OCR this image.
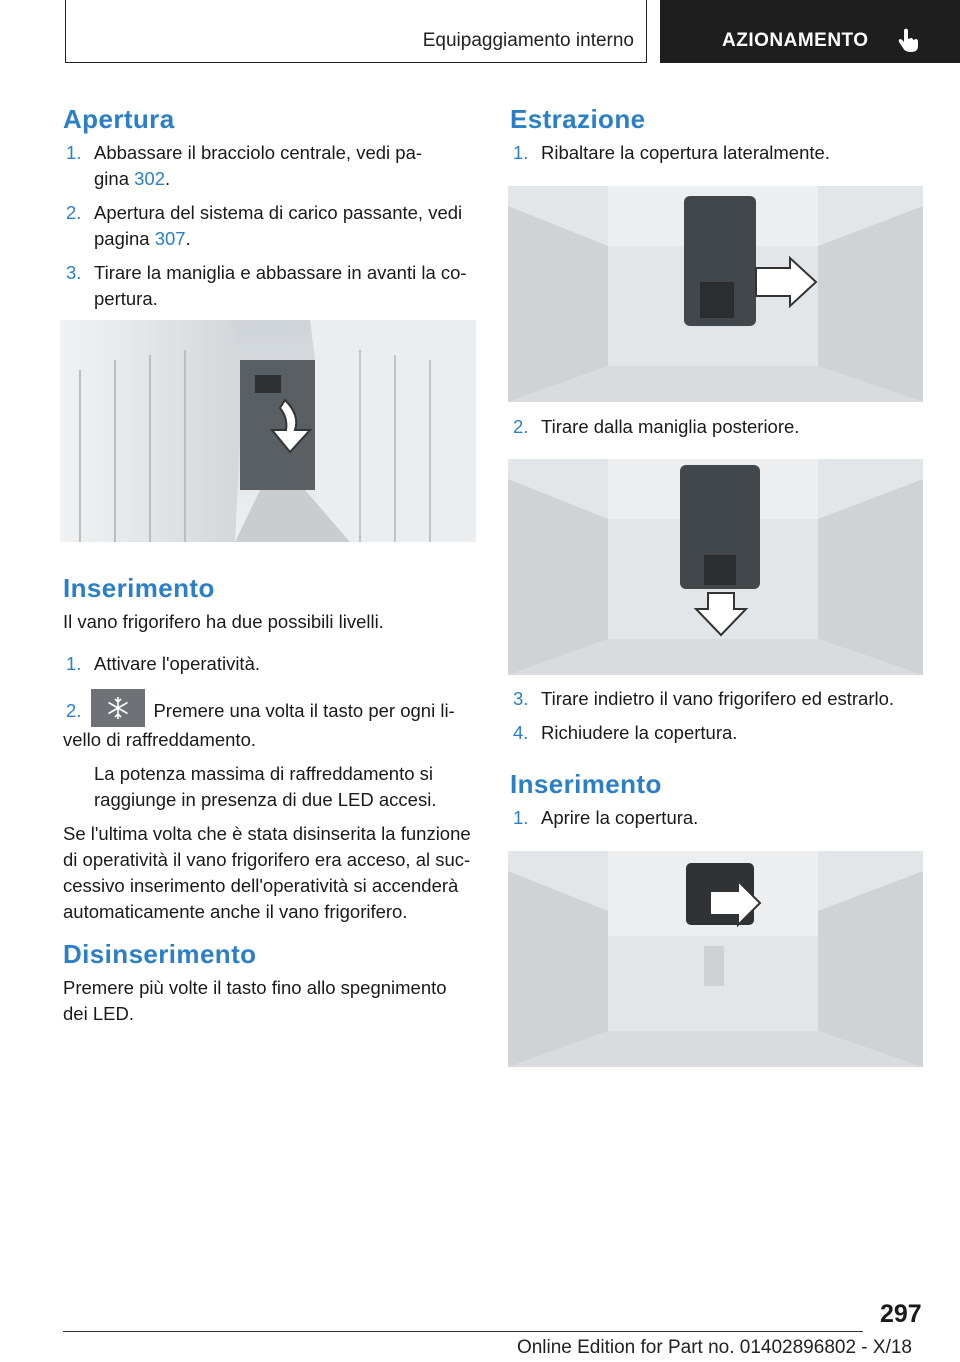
Equipaggiamento interno	AZIONAMENTO
Apertura
1. Abbassare il bracciolo centrale, vedi pa‐
gina 302.
2. Apertura del sistema di carico passante, vedi
pagina 307.
3. Tirare la maniglia e abbassare in avanti la co‐
pertura.
Inserimento

Il vano frigorifero ha due possibili livelli.

1. Attivare l'operatività.
2.	Premere una volta il tasto per ogni li‐
vello di raffreddamento.

La potenza massima di raffreddamento si

raggiunge in presenza di due LED accesi.

Se l'ultima volta che è stata disinserita la funzione

di operatività il vano frigorifero era acceso, al suc‐

cessivo inserimento dell'operatività si accenderà

automaticamente anche il vano frigorifero.

Disinserimento

Premere più volte il tasto fino allo spegnimento

dei LED.

Estrazione
1. Ribaltare la copertura lateralmente.
2. Tirare dalla maniglia posteriore.
3. Tirare indietro il vano frigorifero ed estrarlo.
4. Richiudere la copertura.
Inserimento
1. Aprire la copertura.
297
Online Edition for Part no. 01402896802 - X/18
